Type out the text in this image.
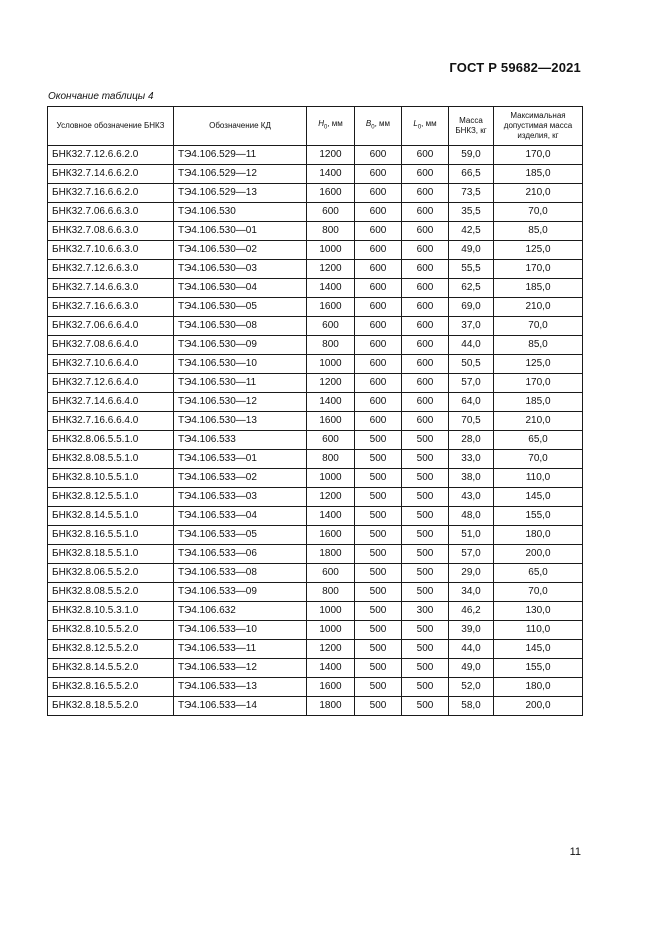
ГОСТ Р 59682—2021
Окончание таблицы 4
Условное обозначение БНКЗ	Обозначение КД	$H_0$, мм	$B_0$, мм	$L_0$, мм	Масса БНКЗ, кг	Максимальная допустимая масса изделия, кг
БНК32.7.12.6.6.2.0	ТЭ4.106.529—11	1200	600	600	59,0	170,0
БНК32.7.14.6.6.2.0	ТЭ4.106.529—12	1400	600	600	66,5	185,0
БНК32.7.16.6.6.2.0	ТЭ4.106.529—13	1600	600	600	73,5	210,0
БНК32.7.06.6.6.3.0	ТЭ4.106.530	600	600	600	35,5	70,0
БНК32.7.08.6.6.3.0	ТЭ4.106.530—01	800	600	600	42,5	85,0
БНК32.7.10.6.6.3.0	ТЭ4.106.530—02	1000	600	600	49,0	125,0
БНК32.7.12.6.6.3.0	ТЭ4.106.530—03	1200	600	600	55,5	170,0
БНК32.7.14.6.6.3.0	ТЭ4.106.530—04	1400	600	600	62,5	185,0
БНК32.7.16.6.6.3.0	ТЭ4.106.530—05	1600	600	600	69,0	210,0
БНК32.7.06.6.6.4.0	ТЭ4.106.530—08	600	600	600	37,0	70,0
БНК32.7.08.6.6.4.0	ТЭ4.106.530—09	800	600	600	44,0	85,0
БНК32.7.10.6.6.4.0	ТЭ4.106.530—10	1000	600	600	50,5	125,0
БНК32.7.12.6.6.4.0	ТЭ4.106.530—11	1200	600	600	57,0	170,0
БНК32.7.14.6.6.4.0	ТЭ4.106.530—12	1400	600	600	64,0	185,0
БНК32.7.16.6.6.4.0	ТЭ4.106.530—13	1600	600	600	70,5	210,0
БНК32.8.06.5.5.1.0	ТЭ4.106.533	600	500	500	28,0	65,0
БНК32.8.08.5.5.1.0	ТЭ4.106.533—01	800	500	500	33,0	70,0
БНК32.8.10.5.5.1.0	ТЭ4.106.533—02	1000	500	500	38,0	110,0
БНК32.8.12.5.5.1.0	ТЭ4.106.533—03	1200	500	500	43,0	145,0
БНК32.8.14.5.5.1.0	ТЭ4.106.533—04	1400	500	500	48,0	155,0
БНК32.8.16.5.5.1.0	ТЭ4.106.533—05	1600	500	500	51,0	180,0
БНК32.8.18.5.5.1.0	ТЭ4.106.533—06	1800	500	500	57,0	200,0
БНК32.8.06.5.5.2.0	ТЭ4.106.533—08	600	500	500	29,0	65,0
БНК32.8.08.5.5.2.0	ТЭ4.106.533—09	800	500	500	34,0	70,0
БНК32.8.10.5.3.1.0	ТЭ4.106.632	1000	500	300	46,2	130,0
БНК32.8.10.5.5.2.0	ТЭ4.106.533—10	1000	500	500	39,0	110,0
БНК32.8.12.5.5.2.0	ТЭ4.106.533—11	1200	500	500	44,0	145,0
БНК32.8.14.5.5.2.0	ТЭ4.106.533—12	1400	500	500	49,0	155,0
БНК32.8.16.5.5.2.0	ТЭ4.106.533—13	1600	500	500	52,0	180,0
БНК32.8.18.5.5.2.0	ТЭ4.106.533—14	1800	500	500	58,0	200,0
11
